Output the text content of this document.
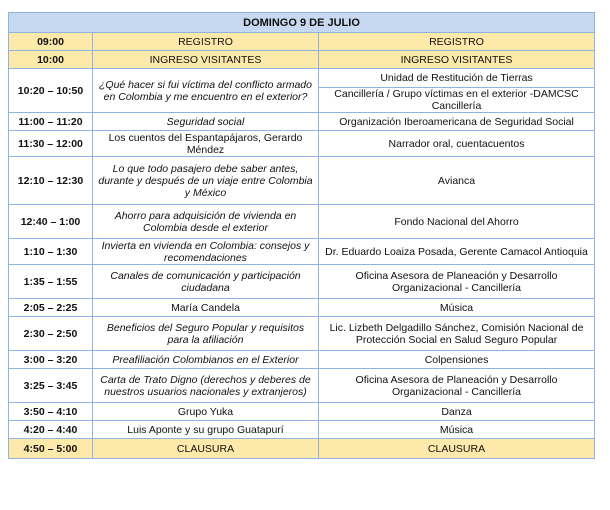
DOMINGO 9 DE JULIO		
09:00	REGISTRO	REGISTRO
10:00	INGRESO VISITANTES	INGRESO VISITANTES
10:20 – 10:50	¿Qué hacer si fui víctima del conflicto armado en Colombia y me encuentro en el exterior?	Unidad de Restitución de Tierras
		Cancillería / Grupo víctimas en el exterior -DAMCSC Cancillería
11:00 – 11:20	Seguridad social	Organización Iberoamericana de Seguridad Social
11:30 – 12:00	Los cuentos del Espantapájaros, Gerardo Méndez	Narrador oral, cuentacuentos
12:10 – 12:30	Lo que todo pasajero debe saber antes, durante y después de un viaje entre Colombia y México	Avianca
12:40 – 1:00	Ahorro para adquisición de vivienda en Colombia desde el exterior	Fondo Nacional del Ahorro
1:10 – 1:30	Invierta en vivienda en Colombia: consejos y recomendaciones	Dr. Eduardo Loaiza Posada, Gerente Camacol Antioquia
1:35 – 1:55	Canales de comunicación y participación ciudadana	Oficina Asesora de Planeación y Desarrollo Organizacional - Cancillería
2:05 – 2:25	María Candela	Música
2:30 – 2:50	Beneficios del Seguro Popular y requisitos para la afiliación	Lic. Lizbeth Delgadillo Sánchez, Comisión Nacional de Protección Social en Salud Seguro Popular
3:00 – 3:20	Preafiliación Colombianos en el Exterior	Colpensiones
3:25 – 3:45	Carta de Trato Digno (derechos y deberes de nuestros usuarios nacionales y extranjeros)	Oficina Asesora de Planeación y Desarrollo Organizacional - Cancillería
3:50 – 4:10	Grupo Yuka	Danza
4:20 – 4:40	Luis Aponte y su grupo Guatapurí	Música
4:50 – 5:00	CLAUSURA	CLAUSURA
